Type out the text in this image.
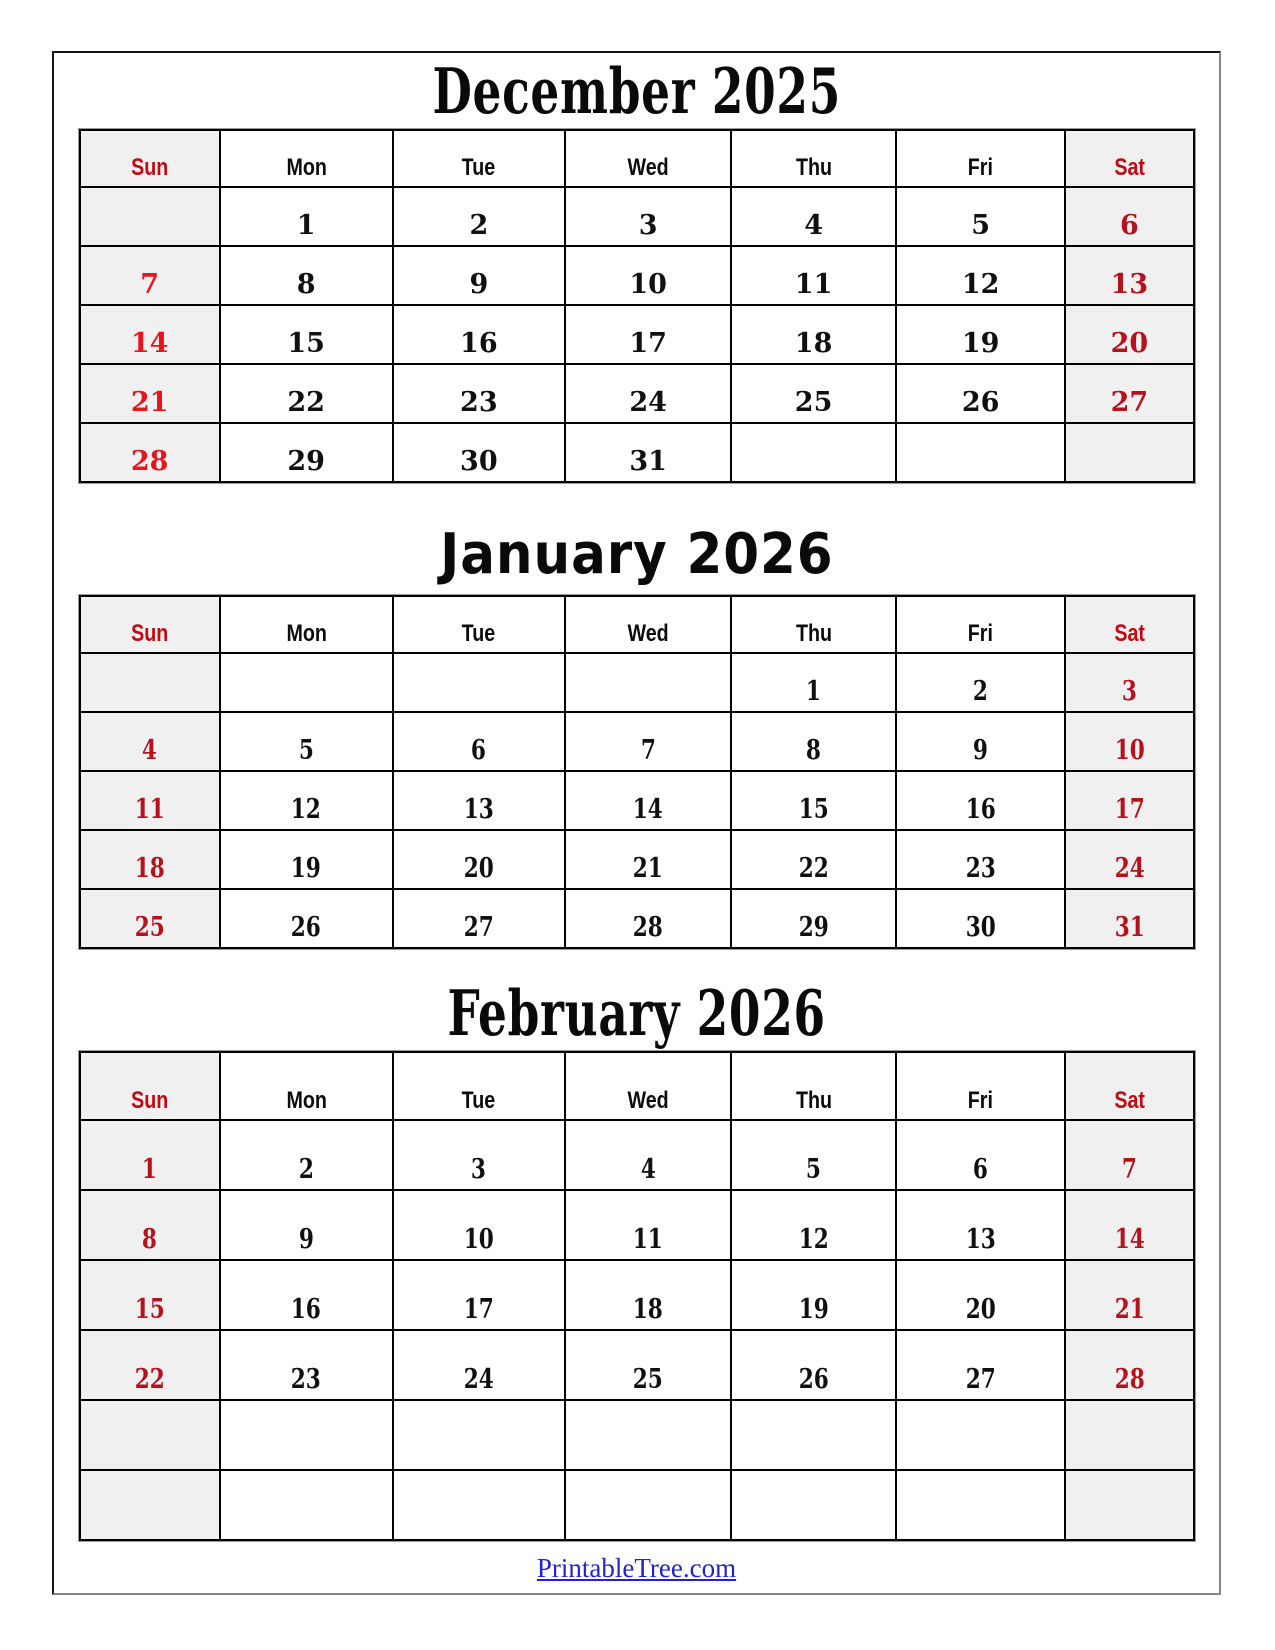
December 2025
Sun	Mon	Tue	Wed	Thu	Fri	Sat
	1	2	3	4	5	6
7	8	9	10	11	12	13
14	15	16	17	18	19	20
21	22	23	24	25	26	27
28	29	30	31			
January 2026
Sun	Mon	Tue	Wed	Thu	Fri	Sat
				1	2	3
4	5	6	7	8	9	10
11	12	13	14	15	16	17
18	19	20	21	22	23	24
25	26	27	28	29	30	31
February 2026
Sun	Mon	Tue	Wed	Thu	Fri	Sat
1	2	3	4	5	6	7
8	9	10	11	12	13	14
15	16	17	18	19	20	21
22	23	24	25	26	27	28

PrintableTree.com
